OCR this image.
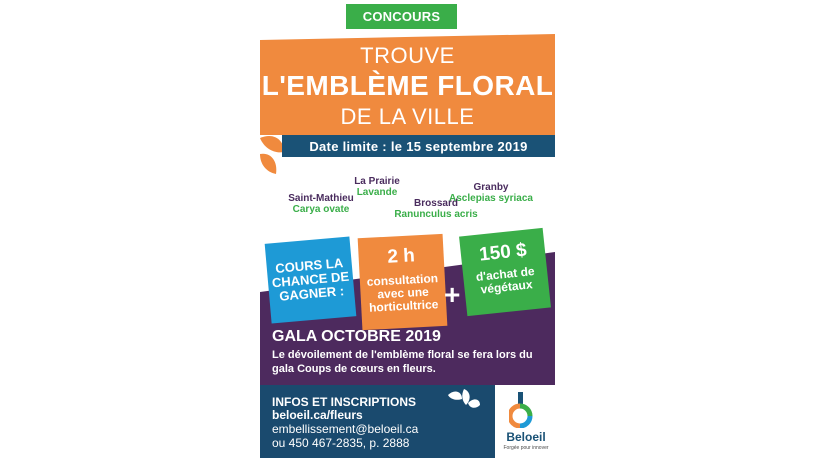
CONCOURS
TROUVE
L'EMBLÈME FLORAL
DE LA VILLE
Date limite : le 15 septembre 2019
Saint-Mathieu
Carya ovate
La Prairie
Lavande
Brossard
Ranunculus acris
Granby
Asclepias syriaca
COURS LA CHANCE DE GAGNER :
2 h
consultation avec une horticultrice +
150 $
d'achat de végétaux
GALA OCTOBRE 2019
Le dévoilement de l'emblème floral se fera lors du gala Coups de cœurs en fleurs.
INFOS ET INSCRIPTIONS
beloeil.ca/fleurs
embellissement@beloeil.ca
ou 450 467-2835, p. 2888	Beloeil
Forgée pour innover
